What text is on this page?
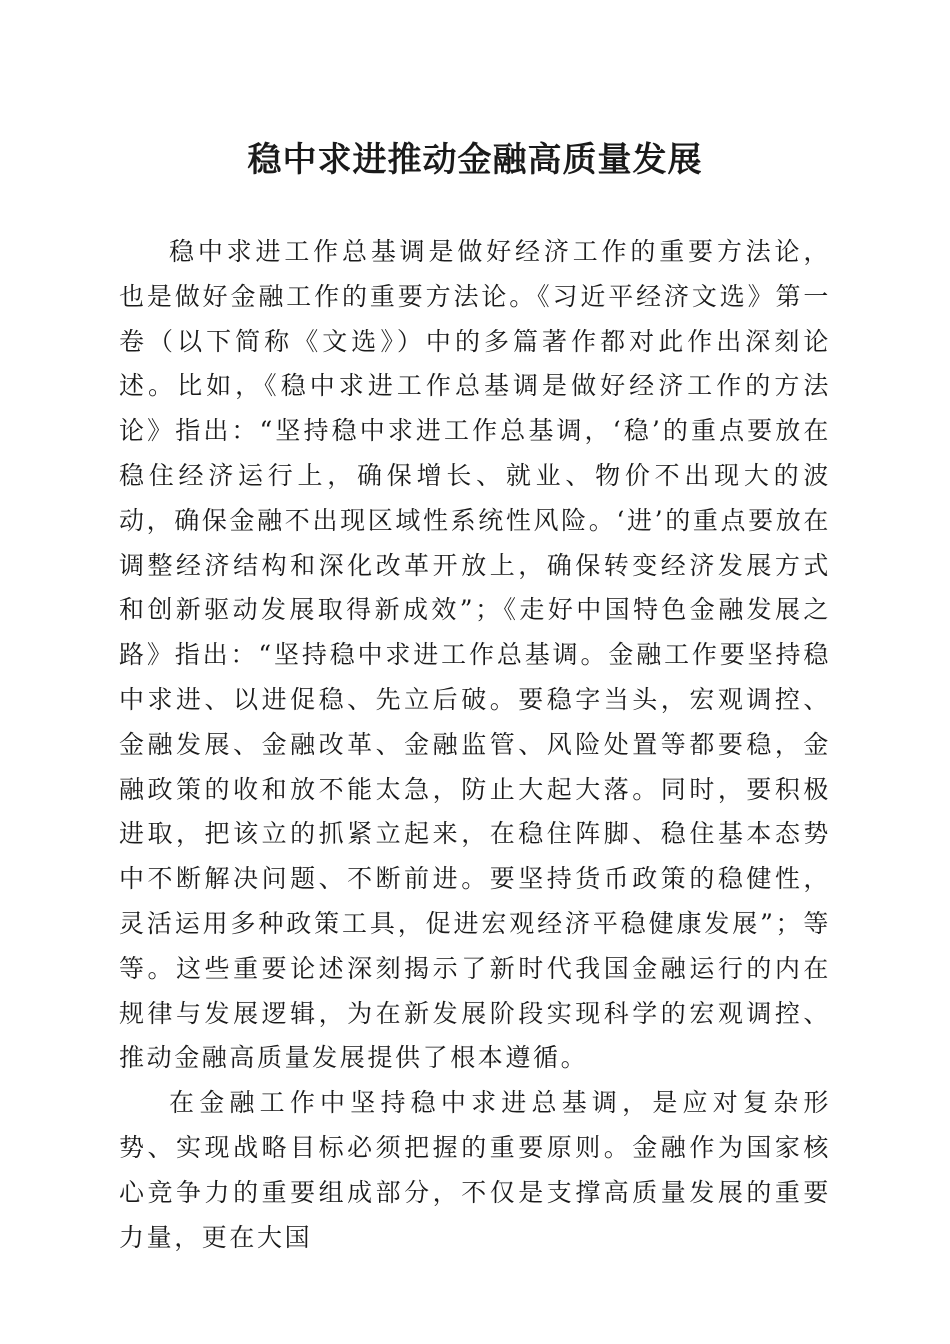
稳中求进推动金融高质量发展

稳中求进工作总基调是做好经济工作的重要方法论，也是做好金融工作的重要方法论。《习近平经济文选》第一卷（以下简称《文选》）中的多篇著作都对此作出深刻论述。比如，《稳中求进工作总基调是做好经济工作的方法论》指出：“坚持稳中求进工作总基调，‘稳’的重点要放在稳住经济运行上，确保增长、就业、物价不出现大的波动，确保金融不出现区域性系统性风险。‘进’的重点要放在调整经济结构和深化改革开放上，确保转变经济发展方式和创新驱动发展取得新成效”；《走好中国特色金融发展之路》指出：“坚持稳中求进工作总基调。金融工作要坚持稳中求进、以进促稳、先立后破。要稳字当头，宏观调控、金融发展、金融改革、金融监管、风险处置等都要稳，金融政策的收和放不能太急，防止大起大落。同时，要积极进取，把该立的抓紧立起来，在稳住阵脚、稳住基本态势中不断解决问题、不断前进。要坚持货币政策的稳健性，灵活运用多种政策工具，促进宏观经济平稳健康发展”；等等。这些重要论述深刻揭示了新时代我国金融运行的内在规律与发展逻辑，为在新发展阶段实现科学的宏观调控、推动金融高质量发展提供了根本遵循。

在金融工作中坚持稳中求进总基调，是应对复杂形势、实现战略目标必须把握的重要原则。金融作为国家核心竞争力的重要组成部分，不仅是支撑高质量发展的重要力量，更在大国
